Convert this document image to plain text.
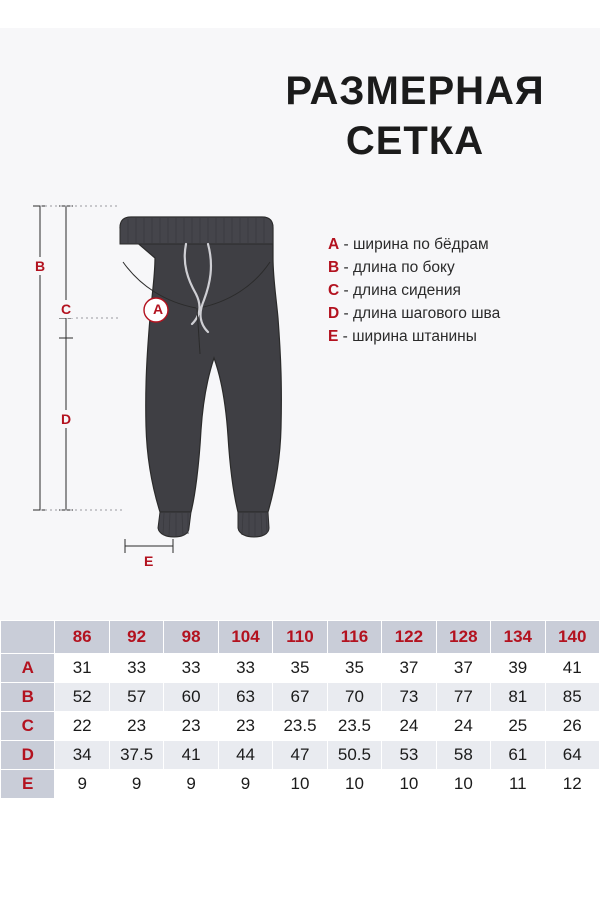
РАЗМЕРНАЯ СЕТКА
B
C
D
E
A
A - ширина по бёдрам
B - длина по боку
C - длина сидения
D - длина шагового шва
E - ширина штанины
	86	92	98	104	110	116	122	128	134	140
A	31	33	33	33	35	35	37	37	39	41
B	52	57	60	63	67	70	73	77	81	85
C	22	23	23	23	23.5	23.5	24	24	25	26
D	34	37.5	41	44	47	50.5	53	58	61	64
E	9	9	9	9	10	10	10	10	11	12
